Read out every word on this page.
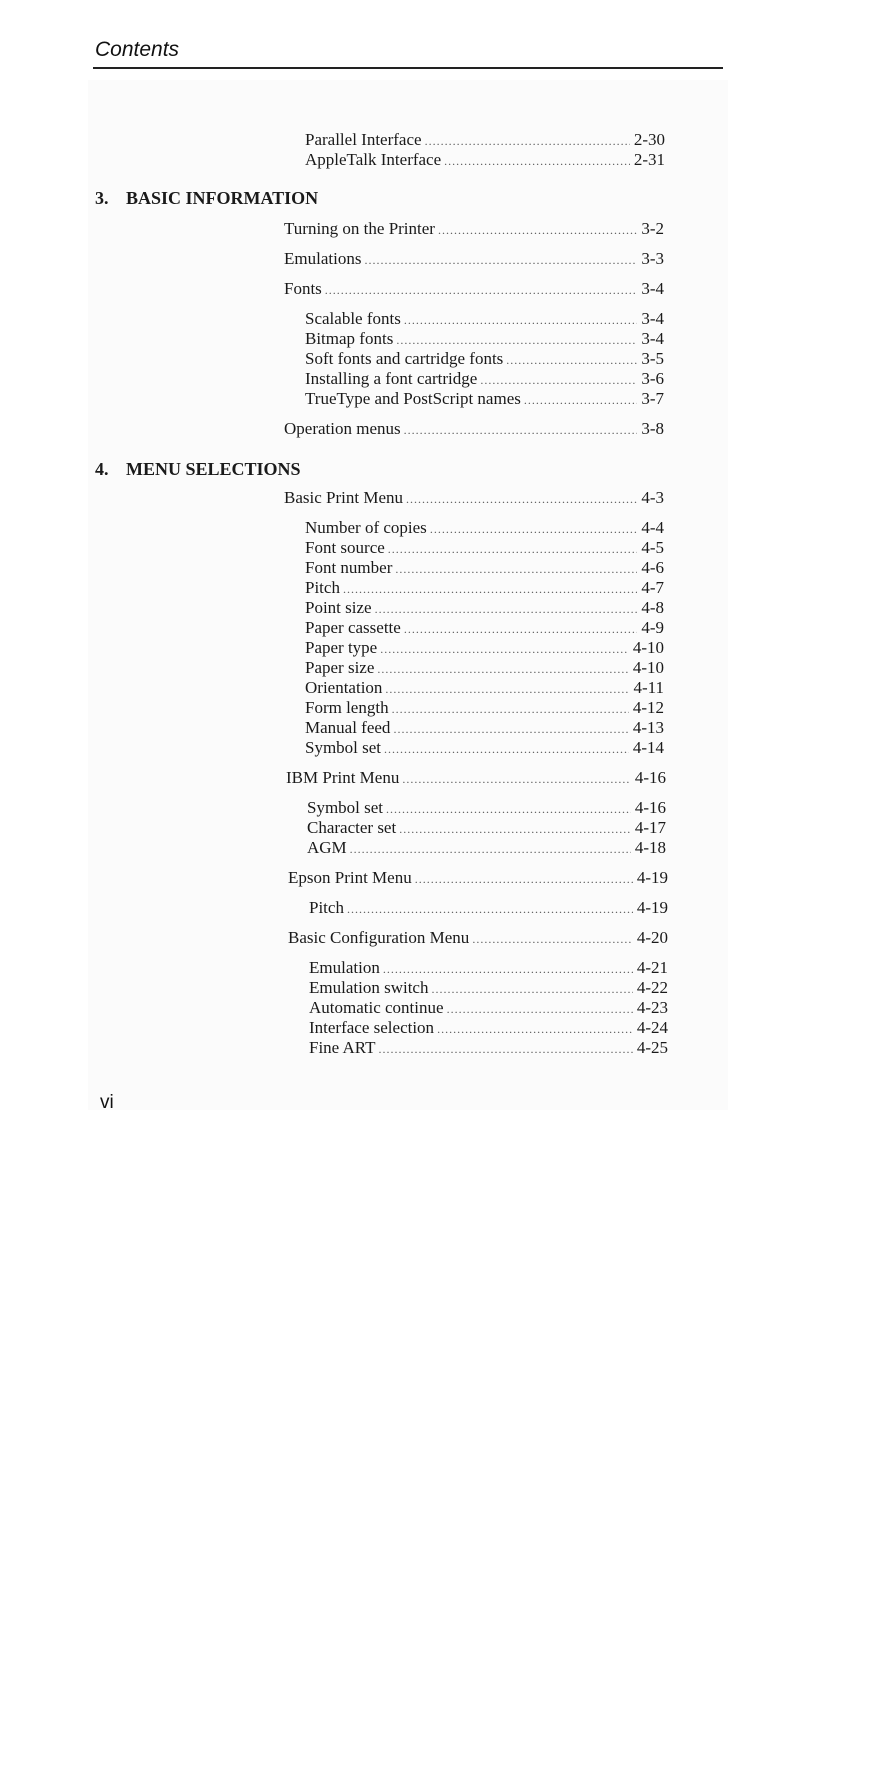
Contents
Parallel Interface .....	2-30
AppleTalk Interface .....	2-31
3. BASIC INFORMATION
Turning on the Printer .....	3-2
Emulations .....	3-3
Fonts .....	3-4
Scalable fonts .....	3-4
Bitmap fonts .....	3-4
Soft fonts and cartridge fonts .....	3-5
Installing a font cartridge .....	3-6
TrueType and PostScript names .....	3-7
Operation menus .....	3-8
4. MENU SELECTIONS
Basic Print Menu .....	4-3
Number of copies .....	4-4
Font source .....	4-5
Font number .....	4-6
Pitch .....	4-7
Point size .....	4-8
Paper cassette .....	4-9
Paper type .....	4-10
Paper size .....	4-10
Orientation .....	4-11
Form length .....	4-12
Manual feed .....	4-13
Symbol set .....	4-14
IBM Print Menu .....	4-16
Symbol set .....	4-16
Character set .....	4-17
AGM .....	4-18
Epson Print Menu .....	4-19
Pitch .....	4-19
Basic Configuration Menu .....	4-20
Emulation .....	4-21
Emulation switch .....	4-22
Automatic continue .....	4-23
Interface selection .....	4-24
Fine ART .....	4-25
vi
